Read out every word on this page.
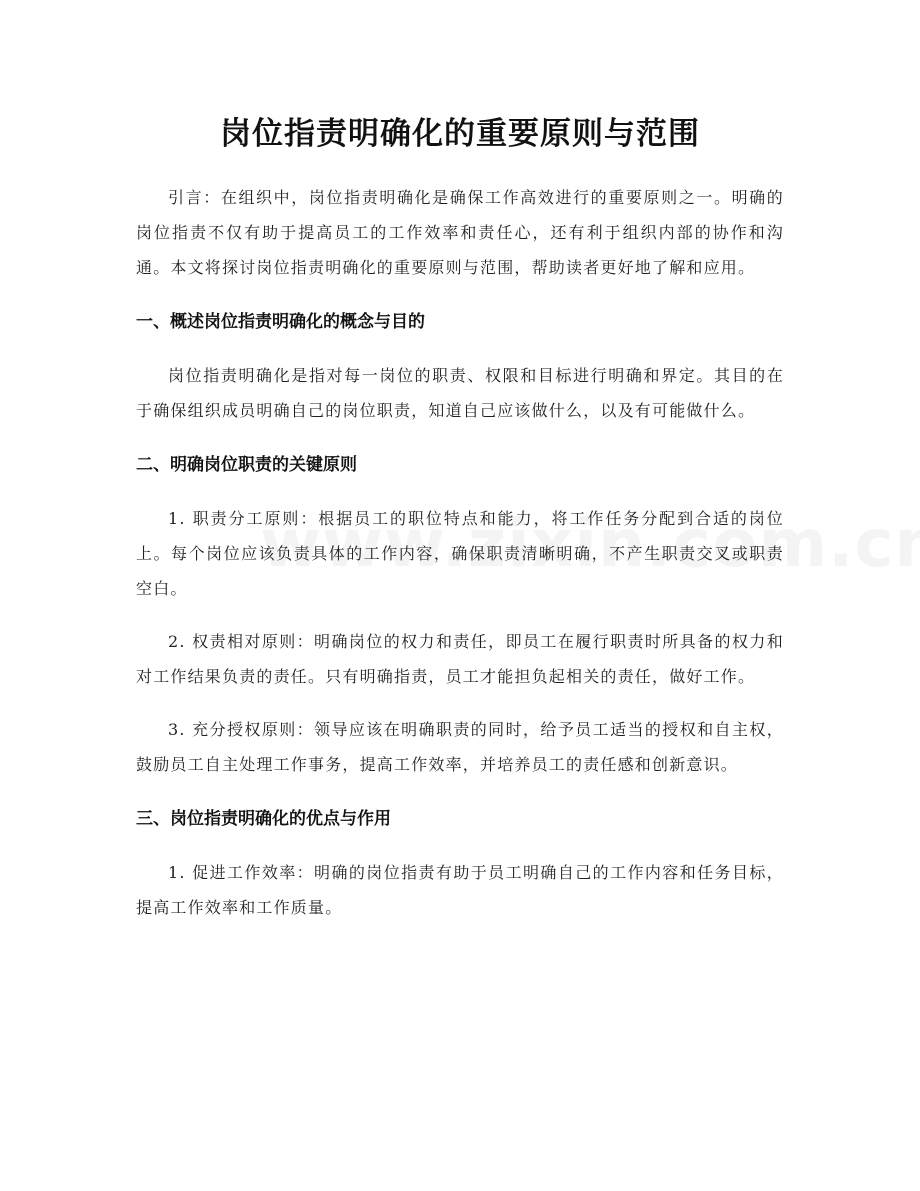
岗位指责明确化的重要原则与范围

引言：在组织中，岗位指责明确化是确保工作高效进行的重要原则之一。明确的岗位指责不仅有助于提高员工的工作效率和责任心，还有利于组织内部的协作和沟通。本文将探讨岗位指责明确化的重要原则与范围，帮助读者更好地了解和应用。

一、概述岗位指责明确化的概念与目的

岗位指责明确化是指对每一岗位的职责、权限和目标进行明确和界定。其目的在于确保组织成员明确自己的岗位职责，知道自己应该做什么，以及有可能做什么。

二、明确岗位职责的关键原则

1. 职责分工原则：根据员工的职位特点和能力，将工作任务分配到合适的岗位上。每个岗位应该负责具体的工作内容，确保职责清晰明确，不产生职责交叉或职责空白。

2. 权责相对原则：明确岗位的权力和责任，即员工在履行职责时所具备的权力和对工作结果负责的责任。只有明确指责，员工才能担负起相关的责任，做好工作。

3. 充分授权原则：领导应该在明确职责的同时，给予员工适当的授权和自主权，鼓励员工自主处理工作事务，提高工作效率，并培养员工的责任感和创新意识。

三、岗位指责明确化的优点与作用

1. 促进工作效率：明确的岗位指责有助于员工明确自己的工作内容和任务目标，提高工作效率和工作质量。
